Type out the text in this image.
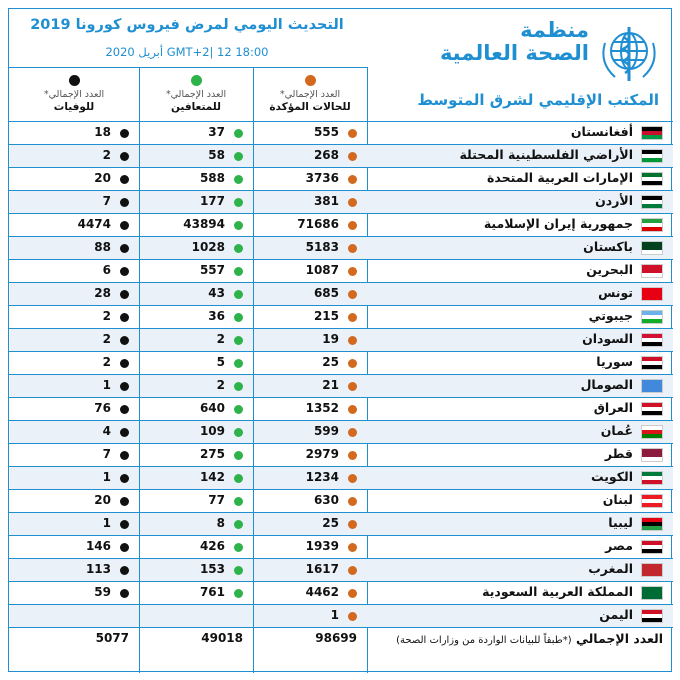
التحديث اليومي لمرض فيروس كورونا 2019
18:00 GMT+2| 12 أبريل 2020
منظمة
الصحة العالمية
المكتب الإقليمي لشرق المتوسط
العدد الإجمالي*
للحالات المؤكدة
العدد الإجمالي*
للمتعافين
العدد الإجمالي*
للوفيات
أفغانستان
555
37
18
الأراضي الفلسطينية المحتلة
268
58
2
الإمارات العربية المتحدة
3736
588
20
الأردن
381
177
7
جمهورية إيران الإسلامية
71686
43894
4474
باكستان
5183
1028
88
البحرين
1087
557
6
تونس
685
43
28
جيبوتي
215
36
2
السودان
19
2
2
سوريا
25
5
2
الصومال
21
2
1
العراق
1352
640
76
عُمان
599
109
4
قطر
2979
275
7
الكويت
1234
142
1
لبنان
630
77
20
ليبيا
25
8
1
مصر
1939
426
146
المغرب
1617
153
113
المملكة العربية السعودية
4462
761
59
اليمن
1
العدد الإجمالي (*طبقاً للبيانات الواردة من وزارات الصحة)
98699
49018
5077
